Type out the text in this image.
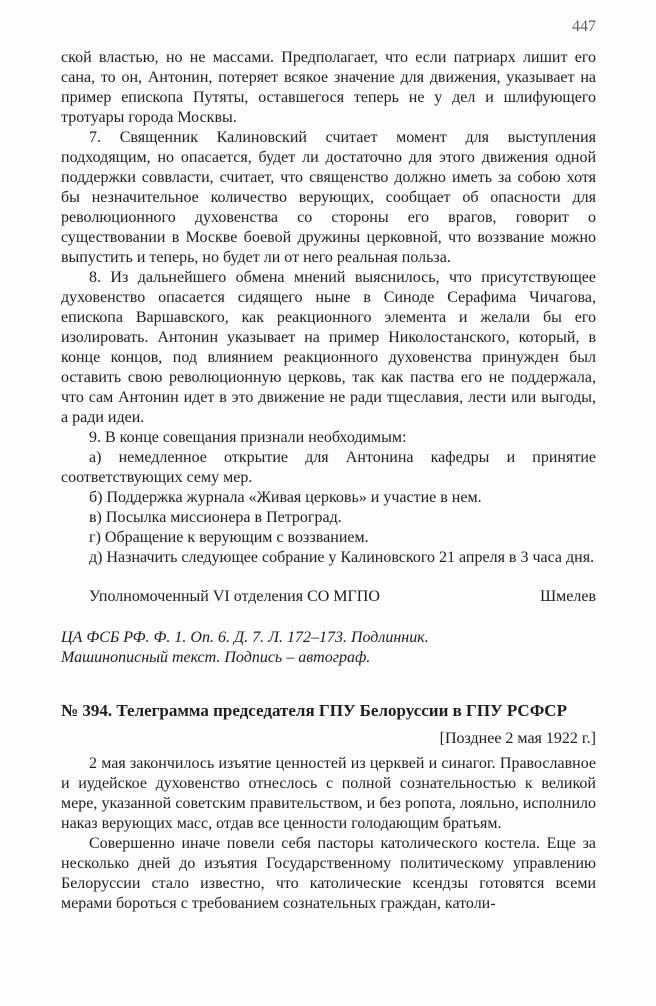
447

ской властью, но не массами. Предполагает, что если патриарх лишит его сана, то он, Антонин, потеряет всякое значение для движения, указывает на пример епископа Путяты, оставшегося теперь не у дел и шлифующего тротуары города Москвы.

7. Священник Калиновский считает момент для выступления подходящим, но опасается, будет ли достаточно для этого движения одной поддержки соввласти, считает, что священство должно иметь за собою хотя бы незначительное количество верующих, сообщает об опасности для революционного духовенства со стороны его врагов, говорит о существовании в Москве боевой дружины церковной, что воззвание можно выпустить и теперь, но будет ли от него реальная польза.

8. Из дальнейшего обмена мнений выяснилось, что присутствующее духовенство опасается сидящего ныне в Синоде Серафима Чичагова, епископа Варшавского, как реакционного элемента и желали бы его изолировать. Антонин указывает на пример Николостанского, который, в конце концов, под влиянием реакционного духовенства принужден был оставить свою революционную церковь, так как паства его не поддержала, что сам Антонин идет в это движение не ради тщеславия, лести или выгоды, а ради идеи.

9. В конце совещания признали необходимым:

а) немедленное открытие для Антонина кафедры и принятие соответствующих сему мер.

б) Поддержка журнала «Живая церковь» и участие в нем.

в) Посылка миссионера в Петроград.

г) Обращение к верующим с воззванием.

д) Назначить следующее собрание у Калиновского 21 апреля в 3 часа дня.

Уполномоченный VI отделения СО МГПО	Шмелев
ЦА ФСБ РФ. Ф. 1. Оп. 6. Д. 7. Л. 172–173. Подлинник.
Машинописный текст. Подпись – автограф.
№ 394. Телеграмма председателя ГПУ Белоруссии в ГПУ РСФСР
[Позднее 2 мая 1922 г.]

2 мая закончилось изъятие ценностей из церквей и синагог. Православное и иудейское духовенство отнеслось с полной сознательностью к великой мере, указанной советским правительством, и без ропота, лояльно, исполнило наказ верующих масс, отдав все ценности голодающим братьям.

Совершенно иначе повели себя пасторы католического костела. Еще за несколько дней до изъятия Государственному политическому управлению Белоруссии стало известно, что католические ксендзы готовятся всеми мерами бороться с требованием сознательных граждан, католи-
